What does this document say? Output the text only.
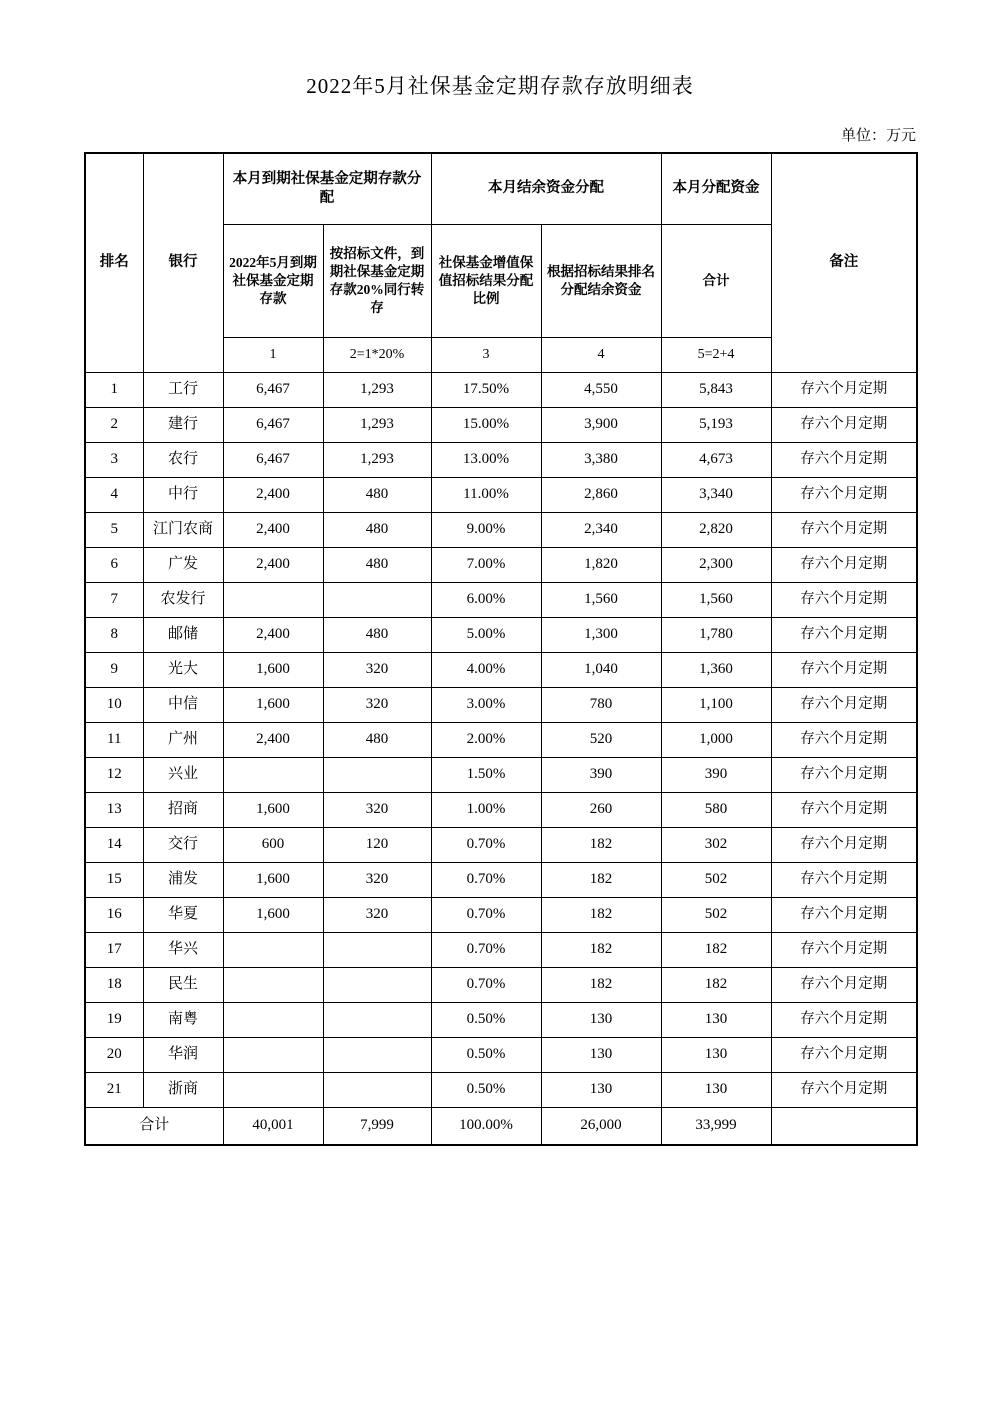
2022年5月社保基金定期存款存放明细表
单位：万元
排名	银行	本月到期社保基金定期存款分配		本月结余资金分配		本月分配资金	备注
		2022年5月到期社保基金定期存款	按招标文件，到期社保基金定期存款20%同行转存	社保基金增值保值招标结果分配比例	根据招标结果排名分配结余资金	合计	
		1	2=1*20%	3	4	5=2+4	
1	工行	6,467	1,293	17.50%	4,550	5,843	存六个月定期
2	建行	6,467	1,293	15.00%	3,900	5,193	存六个月定期
3	农行	6,467	1,293	13.00%	3,380	4,673	存六个月定期
4	中行	2,400	480	11.00%	2,860	3,340	存六个月定期
5	江门农商	2,400	480	9.00%	2,340	2,820	存六个月定期
6	广发	2,400	480	7.00%	1,820	2,300	存六个月定期
7	农发行			6.00%	1,560	1,560	存六个月定期
8	邮储	2,400	480	5.00%	1,300	1,780	存六个月定期
9	光大	1,600	320	4.00%	1,040	1,360	存六个月定期
10	中信	1,600	320	3.00%	780	1,100	存六个月定期
11	广州	2,400	480	2.00%	520	1,000	存六个月定期
12	兴业			1.50%	390	390	存六个月定期
13	招商	1,600	320	1.00%	260	580	存六个月定期
14	交行	600	120	0.70%	182	302	存六个月定期
15	浦发	1,600	320	0.70%	182	502	存六个月定期
16	华夏	1,600	320	0.70%	182	502	存六个月定期
17	华兴			0.70%	182	182	存六个月定期
18	民生			0.70%	182	182	存六个月定期
19	南粤			0.50%	130	130	存六个月定期
20	华润			0.50%	130	130	存六个月定期
21	浙商			0.50%	130	130	存六个月定期
合计		40,001	7,999	100.00%	26,000	33,999	
